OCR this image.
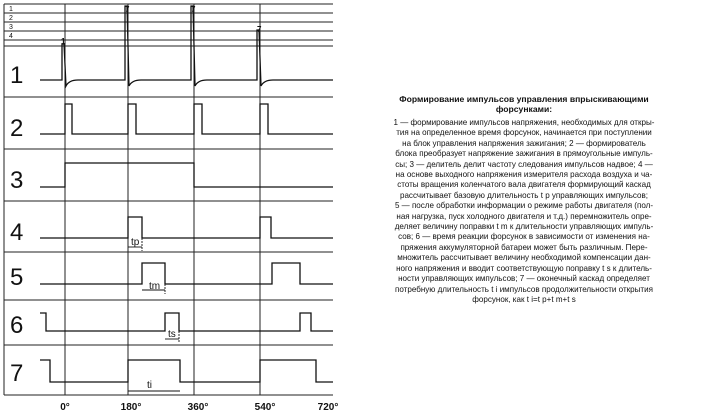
1
2
3
4
1
2
3
4
5
6
7
1
7	7
7
tp
tm
ts
ti
0°	180°	360°	540°	720°
Формирование импульсов управления впрыскивающими
форсунками:
1 — формирование импульсов напряжения, необходимых для откры-
тия на определенное время форсунок, начинается при поступлении
на блок управления напряжения зажигания; 2 — формирователь
блока преобразует напряжение зажигания в прямоугольные импуль-
сы; 3 — делитель делит частоту следования импульсов надвое; 4 —
на основе выходного напряжения измерителя расхода воздуха и ча-
стоты вращения коленчатого вала двигателя формирующий каскад
рассчитывает базовую длительность t р управляющих импульсов;
5 — после обработки информации о режиме работы двигателя (пол-
ная нагрузка, пуск холодного двигателя и т.д.) перемножитель опре-
деляет величину поправки t m к длительности управляющих импуль-
сов; 6 — время реакции форсунок в зависимости от изменения на-
пряжения аккумуляторной батареи может быть различным. Пере-
множитель рассчитывает величину необходимой компенсации дан-
ного напряжения и вводит соответствующую поправку t s к длитель-
ности управляющих импульсов; 7 — оконечный каскад определяет
потребную длительность t i импульсов продолжительности открытия
форсунок, как t i=t р+t m+t s
